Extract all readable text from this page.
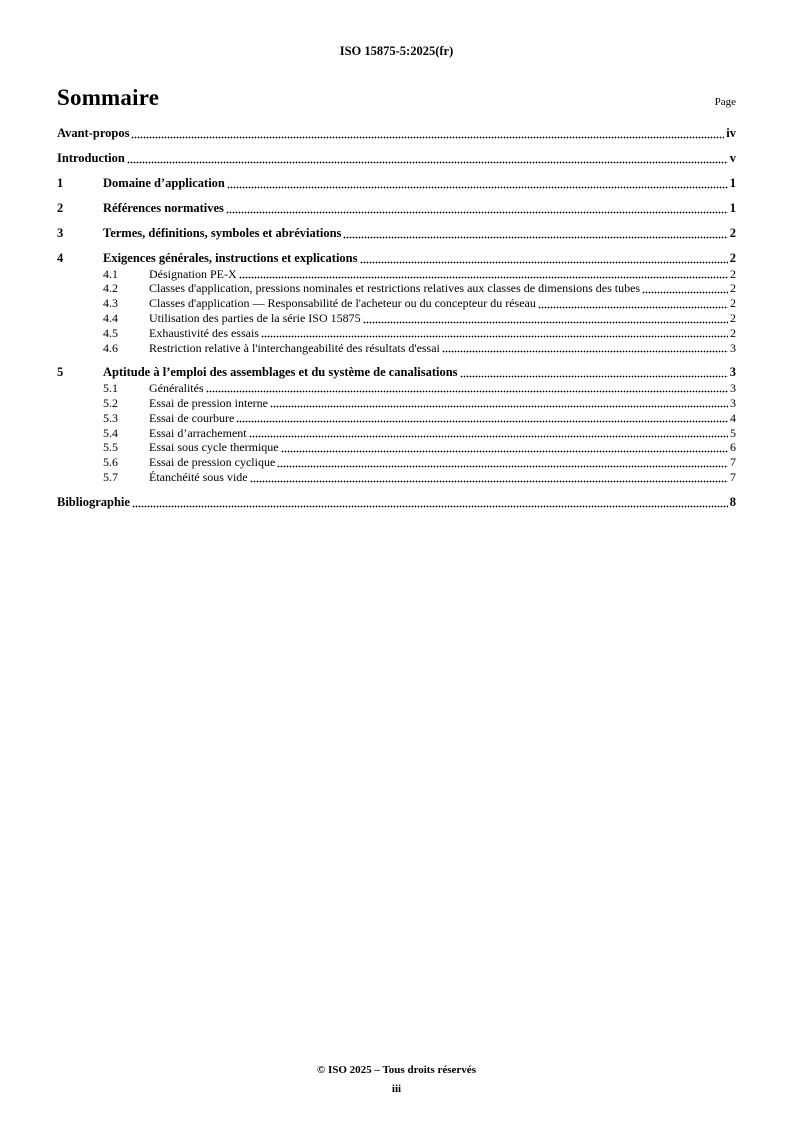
ISO 15875-5:2025(fr)
Sommaire	Page
Avant-propos	iv
Introduction	v
1	Domaine d’application	1
2	Références normatives	1
3	Termes, définitions, symboles et abréviations	2
4	Exigences générales, instructions et explications	2
4.1	Désignation PE-X	2
4.2	Classes d'application, pressions nominales et restrictions relatives aux classes de dimensions des tubes	2
4.3	Classes d'application — Responsabilité de l'acheteur ou du concepteur du réseau	2
4.4	Utilisation des parties de la série ISO 15875	2
4.5	Exhaustivité des essais	2
4.6	Restriction relative à l'interchangeabilité des résultats d'essai	3
5	Aptitude à l’emploi des assemblages et du système de canalisations	3
5.1	Généralités	3
5.2	Essai de pression interne	3
5.3	Essai de courbure	4
5.4	Essai d’arrachement	5
5.5	Essai sous cycle thermique	6
5.6	Essai de pression cyclique	7
5.7	Étanchéité sous vide	7
Bibliographie	8
© ISO 2025 – Tous droits réservés
iii
